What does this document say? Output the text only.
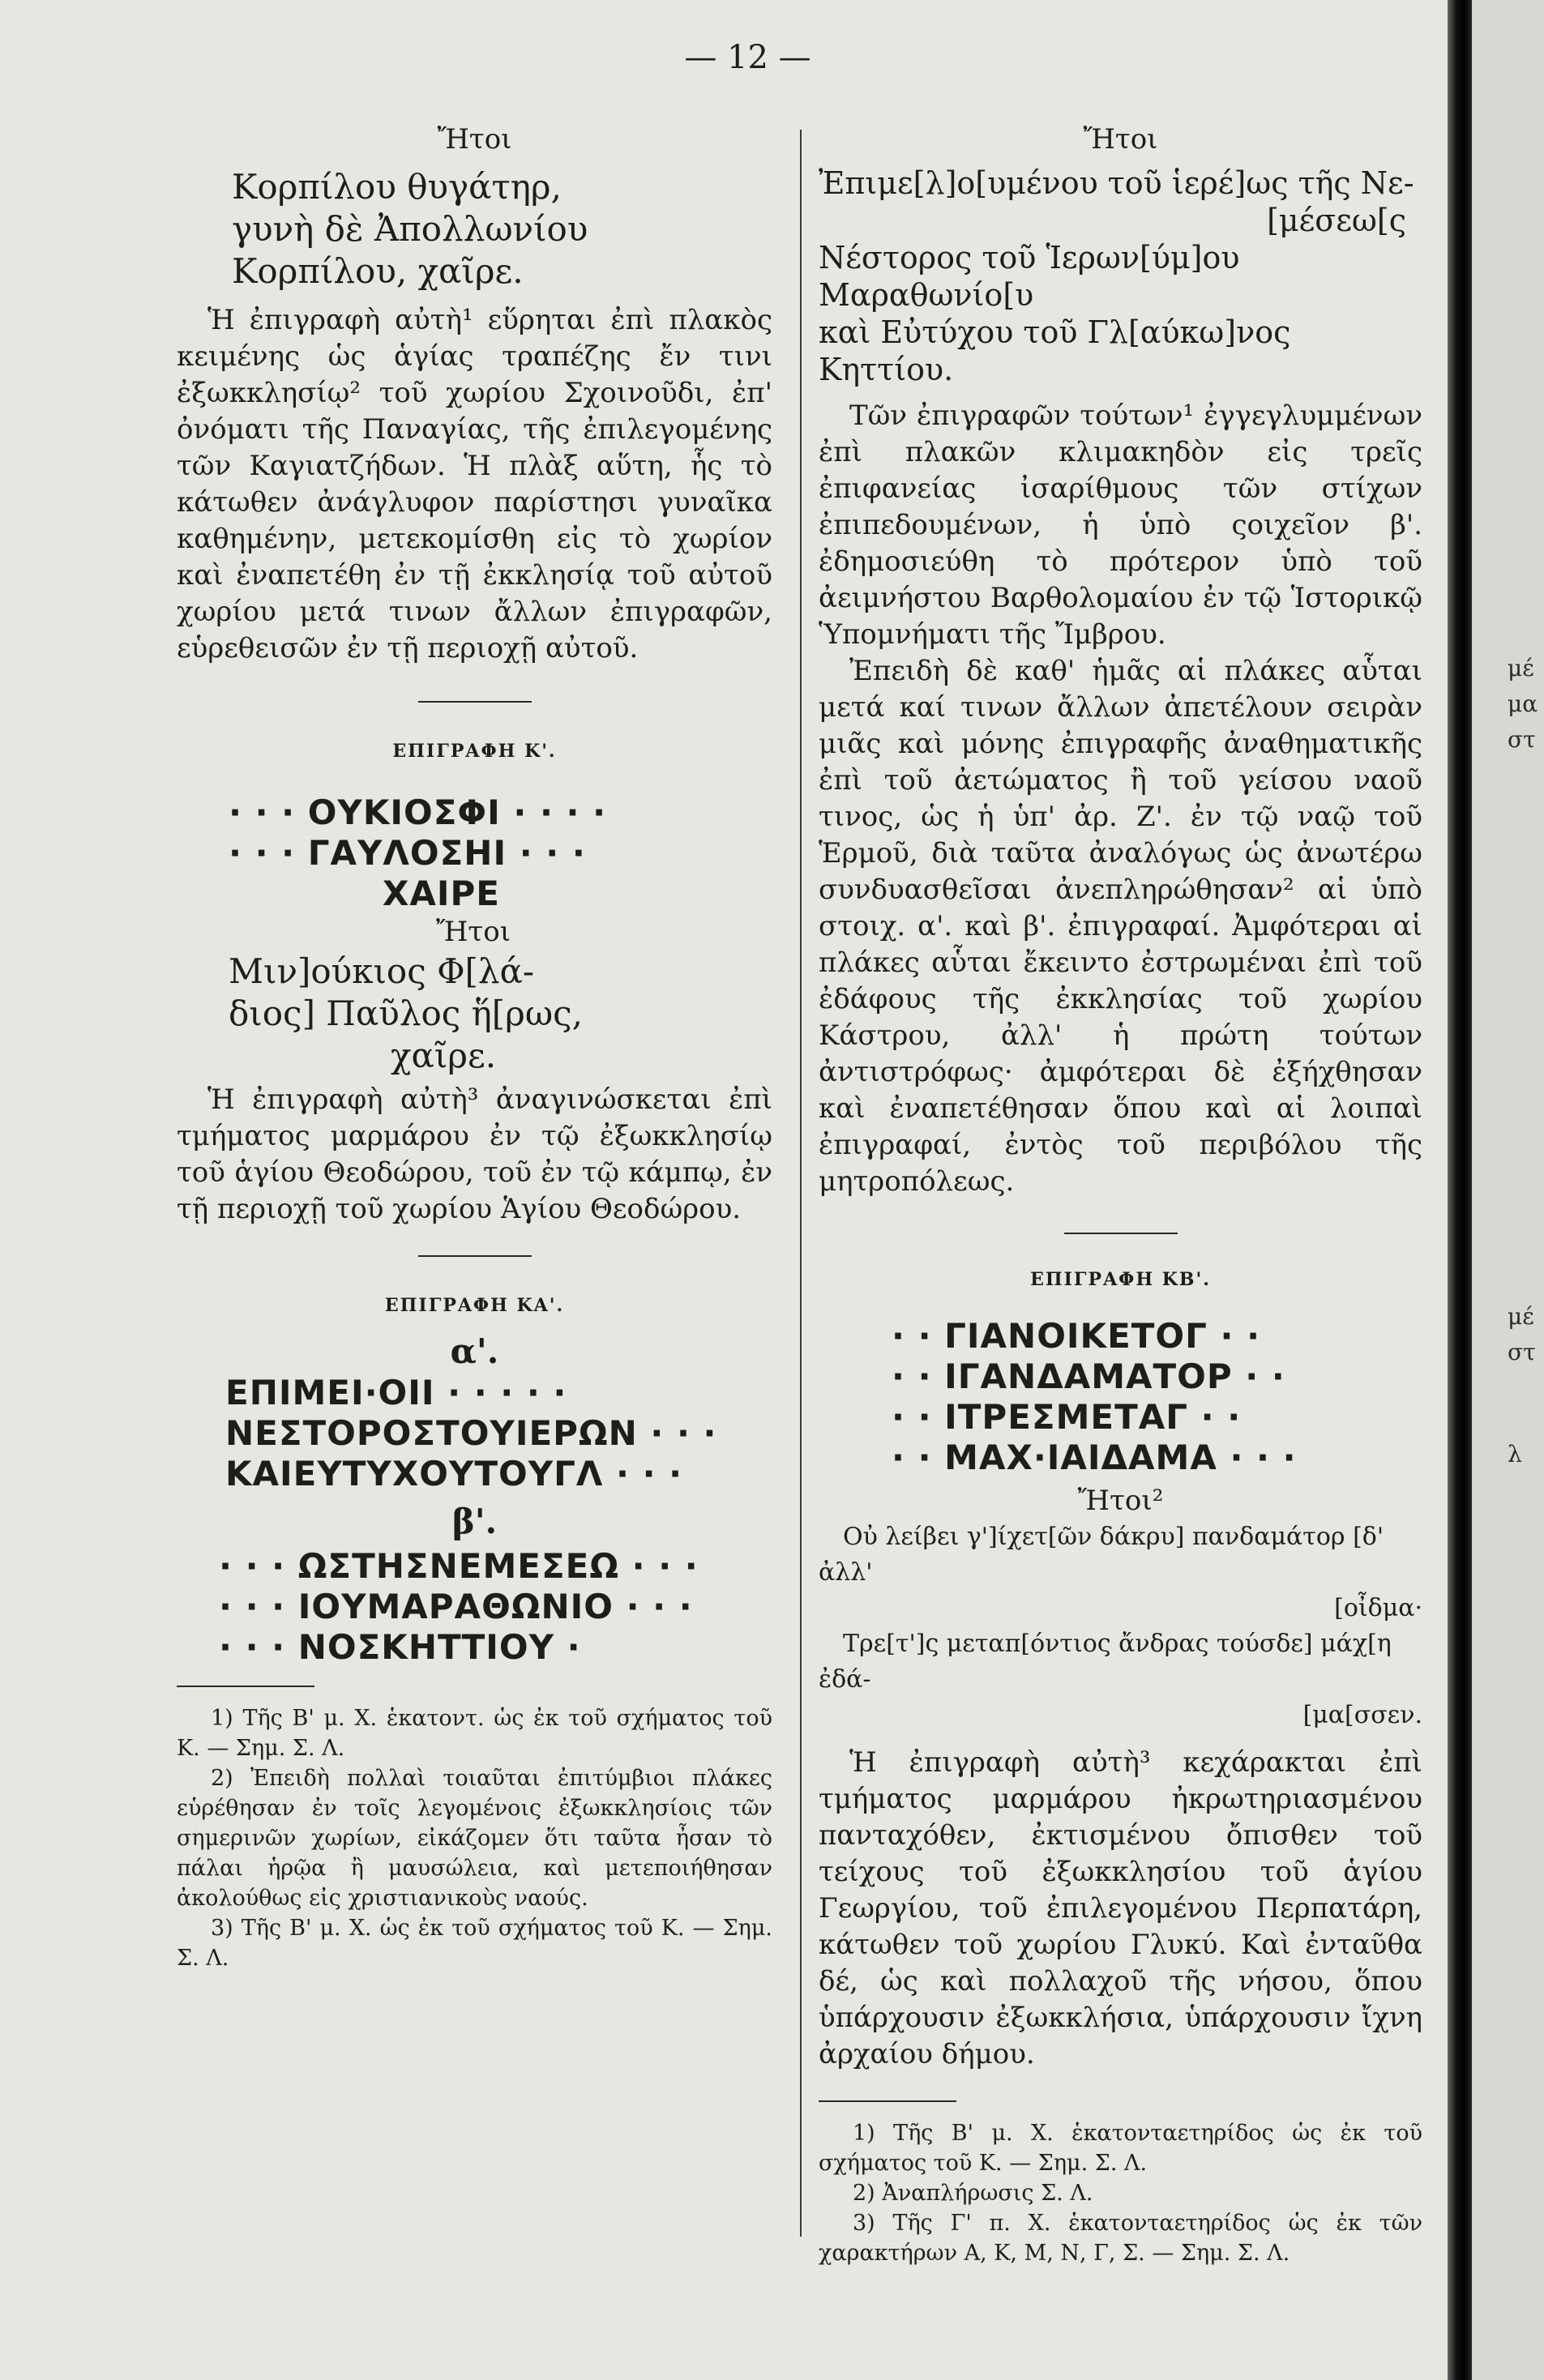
μέ
μα
στ
μέ
στ
λ
— 12 —
Ἤτοι
Κορπίλου θυγάτηρ,
γυνὴ δὲ Ἀπολλωνίου
Κορπίλου, χαῖρε.

Ἡ ἐπιγραφὴ αὐτὴ¹ εὕρηται ἐπὶ πλακὸς κειμένης ὡς ἁγίας τραπέζης ἔν τινι ἐξωκκλησίῳ² τοῦ χωρίου Σχοινοῦδι, ἐπ' ὀνόματι τῆς Παναγίας, τῆς ἐπιλεγομένης τῶν Καγιατζήδων. Ἡ πλὰξ αὕτη, ἧς τὸ κάτωθεν ἀνάγλυφον παρίστησι γυναῖκα καθημένην, μετεκομίσθη εἰς τὸ χωρίον καὶ ἐναπετέθη ἐν τῇ ἐκκλησίᾳ τοῦ αὐτοῦ χωρίου μετά τινων ἄλλων ἐπιγραφῶν, εὑρεθεισῶν ἐν τῇ περιοχῇ αὐτοῦ.

ΕΠΙΓΡΑΦΗ Κ'.
· · · ΟΥΚΙΟΣΦΙ · · · ·
· · · ΓΑΥΛΟΣΗΙ · · ·
ΧΑΙΡΕ
Ἤτοι
Μιν]ούκιος Φ[λά-
διος] Παῦλος ἥ[ρως,
χαῖρε.

Ἡ ἐπιγραφὴ αὐτὴ³ ἀναγινώσκεται ἐπὶ τμήματος μαρμάρου ἐν τῷ ἐξωκκλησίῳ τοῦ ἁγίου Θεοδώρου, τοῦ ἐν τῷ κάμπῳ, ἐν τῇ περιοχῇ τοῦ χωρίου Ἁγίου Θεοδώρου.

ΕΠΙΓΡΑΦΗ ΚΑ'.
α'.
ΕΠΙΜΕΙ·ΟΙΙ · · · · ·
ΝΕΣΤΟΡΟΣΤΟΥΙΕΡΩΝ · · ·
ΚΑΙΕΥΤΥΧΟΥΤΟΥΓΛ · · ·
β'.
· · · ΩΣΤΗΣΝΕΜΕΣΕΩ · · ·
· · · ΙΟΥΜΑΡΑΘΩΝΙΟ · · ·
· · · ΝΟΣΚΗΤΤΙΟΥ ·

1) Τῆς Β' μ. Χ. ἑκατοντ. ὡς ἐκ τοῦ σχήματος τοῦ Κ. — Σημ. Σ. Λ.

2) Ἐπειδὴ πολλαὶ τοιαῦται ἐπιτύμβιοι πλάκες εὑρέθησαν ἐν τοῖς λεγομένοις ἐξωκκλησίοις τῶν σημερινῶν χωρίων, εἰκάζομεν ὅτι ταῦτα ἦσαν τὸ πάλαι ἡρῷα ἢ μαυσώλεια, καὶ μετεποιήθησαν ἀκολούθως εἰς χριστιανικοὺς ναούς.

3) Τῆς Β' μ. Χ. ὡς ἐκ τοῦ σχήματος τοῦ Κ. — Σημ. Σ. Λ.

Ἤτοι
Ἐπιμε[λ]ο[υμένου τοῦ ἱερέ]ως τῆς Νε-
[μέσεω[ς
Νέστορος τοῦ Ἱερων[ύμ]ου Μαραθωνίο[υ
καὶ Εὐτύχου τοῦ Γλ[αύκω]νος Κηττίου.

Τῶν ἐπιγραφῶν τούτων¹ ἐγγεγλυμμένων ἐπὶ πλακῶν κλιμακηδὸν εἰς τρεῖς ἐπιφανείας ἰσαρίθμους τῶν στίχων ἐπιπεδουμένων, ἡ ὑπὸ ςοιχεῖον β'. ἐδημοσιεύθη τὸ πρότερον ὑπὸ τοῦ ἀειμνήστου Βαρθολομαίου ἐν τῷ Ἱστορικῷ Ὑπομνήματι τῆς Ἴμβρου.

Ἐπειδὴ δὲ καθ' ἡμᾶς αἱ πλάκες αὗται μετά καί τινων ἄλλων ἀπετέλουν σειρὰν μιᾶς καὶ μόνης ἐπιγραφῆς ἀναθηματικῆς ἐπὶ τοῦ ἀετώματος ἢ τοῦ γείσου ναοῦ τινος, ὡς ἡ ὑπ' ἀρ. Ζ'. ἐν τῷ ναῷ τοῦ Ἑρμοῦ, διὰ ταῦτα ἀναλόγως ὡς ἀνωτέρω συνδυασθεῖσαι ἀνεπληρώθησαν² αἱ ὑπὸ στοιχ. α'. καὶ β'. ἐπιγραφαί. Ἀμφότεραι αἱ πλάκες αὗται ἔκειντο ἐστρωμέναι ἐπὶ τοῦ ἐδάφους τῆς ἐκκλησίας τοῦ χωρίου Κάστρου, ἀλλ' ἡ πρώτη τούτων ἀντιστρόφως· ἀμφότεραι δὲ ἐξήχθησαν καὶ ἐναπετέθησαν ὅπου καὶ αἱ λοιπαὶ ἐπιγραφαί, ἐντὸς τοῦ περιβόλου τῆς μητροπόλεως.

ΕΠΙΓΡΑΦΗ ΚΒ'.
· · ΓΙΑΝΟΙΚΕΤΟΓ · ·
· · ΙΓΑΝΔΑΜΑΤΟΡ · ·
· · ΙΤΡΕΣΜΕΤΑΓ · ·
· · ΜΑΧ·ΙΑΙΔΑΜΑ · · ·
Ἤτοι²
Οὐ λείβει γ']ίχετ[ῶν δάκρυ] πανδαμάτορ [δ' ἀλλ'
[οἶδμα·
Τρε[τ']ς μεταπ[όντιος ἄνδρας τούσδε] μάχ[η ἐδά-
[μα[σσεν.

Ἡ ἐπιγραφὴ αὐτὴ³ κεχάρακται ἐπὶ τμήματος μαρμάρου ἠκρωτηριασμένου πανταχόθεν, ἐκτισμένου ὄπισθεν τοῦ τείχους τοῦ ἐξωκκλησίου τοῦ ἁγίου Γεωργίου, τοῦ ἐπιλεγομένου Περπατάρη, κάτωθεν τοῦ χωρίου Γλυκύ. Καὶ ἐνταῦθα δέ, ὡς καὶ πολλαχοῦ τῆς νήσου, ὅπου ὑπάρχουσιν ἐξωκκλήσια, ὑπάρχουσιν ἴχνη ἀρχαίου δήμου.

1) Τῆς Β' μ. Χ. ἑκατονταετηρίδος ὡς ἐκ τοῦ σχήματος τοῦ Κ. — Σημ. Σ. Λ.

2) Ἀναπλήρωσις Σ. Λ.

3) Τῆς Γ' π. Χ. ἑκατονταετηρίδος ὡς ἐκ τῶν χαρακτήρων Α, Κ, Μ, Ν, Γ, Σ. — Σημ. Σ. Λ.
